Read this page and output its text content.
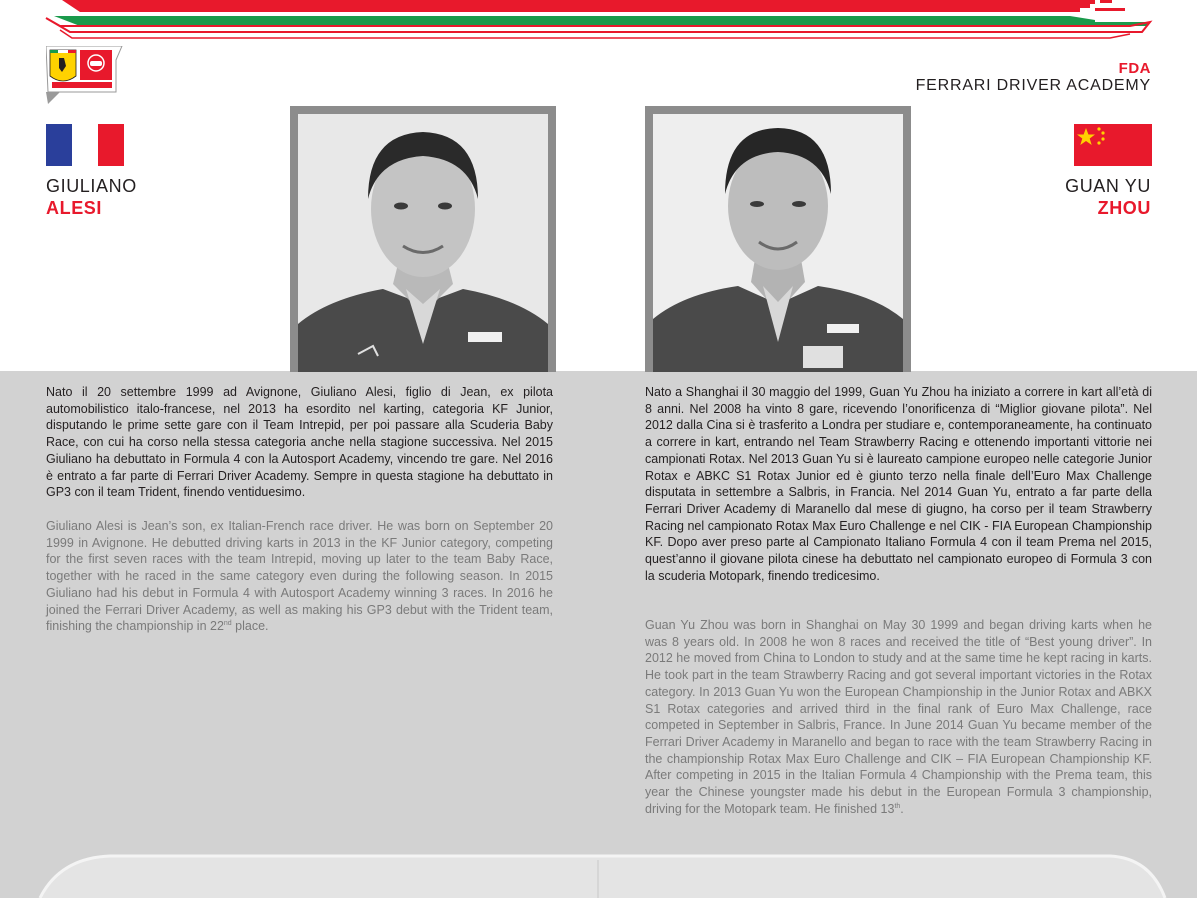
FDA
FERRARI DRIVER ACADEMY
GIULIANO
ALESI
GUAN YU
ZHOU
Nato il 20 settembre 1999 ad Avignone, Giuliano Alesi, figlio di Jean, ex pilota automobilistico italo-francese, nel 2013 ha esordito nel karting, categoria KF Junior, disputando le prime sette gare con il Team Intrepid, per poi passare alla Scuderia Baby Race, con cui ha corso nella stessa categoria anche nella stagione successiva. Nel 2015 Giuliano ha debuttato in Formula 4 con la Autosport Academy, vincendo tre gare. Nel 2016 è entrato a far parte di Ferrari Driver Academy. Sempre in questa stagione ha debuttato in GP3 con il team Trident, finendo ventiduesimo.
Giuliano Alesi is Jean’s son, ex Italian-French race driver. He was born on September 20 1999 in Avignone. He debutted driving karts in 2013 in the KF Junior category, competing for the first seven races with the team Intrepid, moving up later to the team Baby Race, together with he raced in the same category even during the following season. In 2015 Giuliano had his debut in Formula 4 with Autosport Academy winning 3 races. In 2016 he joined the Ferrari Driver Academy, as well as making his GP3 debut with the Trident team, finishing the championship in 22nd place.
Nato a Shanghai il 30 maggio del 1999, Guan Yu Zhou ha iniziato a correre in kart all’età di 8 anni. Nel 2008 ha vinto 8 gare, ricevendo l’onorificenza di “Miglior giovane pilota”. Nel 2012 dalla Cina si è trasferito a Londra per studiare e, contemporaneamente, ha continuato a correre in kart, entrando nel Team Strawberry Racing e ottenendo importanti vittorie nei campionati Rotax. Nel 2013 Guan Yu si è laureato campione europeo nelle categorie Junior Rotax e ABKC S1 Rotax Junior ed è giunto terzo nella finale dell’Euro Max Challenge disputata in settembre a Salbris, in Francia. Nel 2014 Guan Yu, entrato a far parte della Ferrari Driver Academy di Maranello dal mese di giugno, ha corso per il team Strawberry Racing nel campionato Rotax Max Euro Challenge e nel CIK - FIA European Championship KF. Dopo aver preso parte al Campionato Italiano Formula 4 con il team Prema nel 2015, quest’anno il giovane pilota cinese ha debuttato nel campionato europeo di Formula 3 con la scuderia Motopark, finendo tredicesimo.
Guan Yu Zhou was born in Shanghai on May 30 1999 and began driving karts when he was 8 years old. In 2008 he won 8 races and received the title of “Best young driver”. In 2012 he moved from China to London to study and at the same time he kept racing in karts. He took part in the team Strawberry Racing and got several important victories in the Rotax category. In 2013 Guan Yu won the European Championship in the Junior Rotax and ABKX S1 Rotax categories and arrived third in the final rank of Euro Max Challenge, race competed in September in Salbris, France. In June 2014 Guan Yu became member of the Ferrari Driver Academy in Maranello and began to race with the team Strawberry Racing in the championship Rotax Max Euro Challenge and CIK – FIA European Championship KF. After competing in 2015 in the Italian Formula 4 Championship with the Prema team, this year the Chinese youngster made his debut in the European Formula 3 championship, driving for the Motopark team. He finished 13th.
